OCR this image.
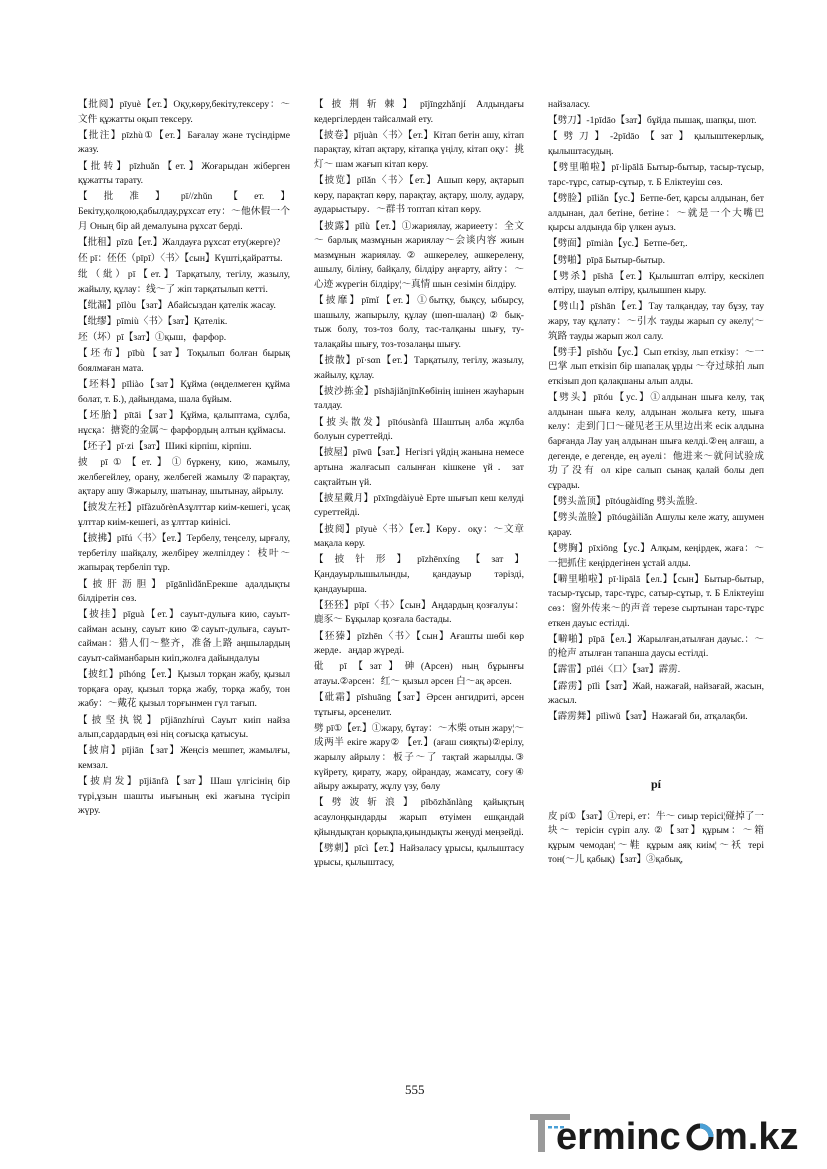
【批阅】pīyuè【ет.】Оқу,көру,бекіту,тексеру：～文件 құжатты оқып тексеру.
【批注】pīzhù①【ет.】Бағалау және түсіндірме жазу.
【批转】pīzhuǎn【ет.】Жоғарыдан жіберген құжатты тарату.
【批准】pī//zhǔn【ет.】Бекіту,қолқою,қабылдау,рұхсат ету：～他休假一个月 Оның бір ай демалуына рұхсат берді.
【批租】pīzū【ет.】Жалдауға рұхсат ету(жерге)?
伾 pī：伾伾（pīpī）〈书〉【сын】Күшті,қайратты.
纰（紕）pī【ет.】Тарқатылу, тегілу, жазылу, жайылу, құлау：线～了 жіп тарқатылып кетті.
【纰漏】pīlòu【зат】Абайсыздан қателік жасау.
【纰缪】pīmiù〈书〉【зат】Қателік.
坯（坏）pī【зат】①қыш，фарфор.
【坯布】pībù【зат】Тоқылып болған бырық боялмаған мата.
【坯料】pīliào【зат】Құйма (өңделмеген құйма болат, т. Б.), дайындама, шала бұйым.
【坯胎】pītāi【зат】Құйма, қалыптама, сұлба, нұсқа：搪瓷的金属～ фарфордың алтын құймасы.
【坯子】pī·zi【зат】Шикі кірпіш, кірпіш.
披 pī①【ет.】①бүркену, кию, жамылу, желбегейлеу, орану, желбегей жамылу ②парақтау, ақтару ашу ③жарылу, шатынау, шытынау, айрылу.
【披发左衽】pīfàzuǒrènАзұлттар киім-кешегі, ұсақ ұлттар киім-кешегі, аз ұлттар киінісі.
【披拂】pīfú〈书〉【ет.】Тербелу, теңселу, ырғалу, тербетілу шайқалу, желбіреу желпілдеу：枝叶～ жапырақ тербеліп тұр.
【披肝沥胆】pīgānlìdǎnЕрекше адалдықты білдіретін сөз.
【披挂】pīguà【ет.】сауыт-дулыға кию, сауыт-сайман асыну, сауыт кию ②сауыт-дулыға, сауыт-сайман：猎人们～整齐，准备上路 аңшылардың сауыт-сайманбарын киіп,жолға дайындалуы
【披红】pīhóng【ет.】Қызыл торқан жабу, қызыл торқаға орау, қызыл торқа жабу, торқа жабу, тон жабу：～戴花 қызыл торғынмен гүл тағып.
【披坚执锐】pījiānzhíruì Сауыт киіп найза алып,сардардың өзі нің соғысқа қатысуы.
【披肩】pījiān【зат】Жеңсіз мешпет, жамылғы, кемзал.
【披肩发】pījiānfà【зат】Шаш үлгісінің бір түрі,ұзын шашты иығының екі жағына түсіріп жүру.
【披荆斩棘】pījīngzhǎnjí Алдындағы кедергілерден тайсалмай ету.
【披卷】pījuàn〈书〉【ет.】Кітап бетін ашу, кітап парақтау, кітап ақтару, кітапқа үңілу, кітап оқу：挑灯～ шам жағып кітап көру.
【披览】pīlǎn〈书〉【ет.】Ашып көру, ақтарып көру, парақтап көру, парақтау, ақтару, шолу, аудару, аударыстыру．～群书 топтап кітап көру.
【披露】pīlù【ет.】①жариялау, жариеету：全文～ барлық мазмұнын жариялау～会谈内容 жиын мазмұнын жариялау. ② әшкерелеу, әшкерелену, ашылу, біліну, байқалу, білдіру аңғарту, айту：～心迹 жүрегін білдіру¦～真情 шын сезімін білдіру.
【披靡】pīmǐ【ет.】①бытқу, бықсу, ыбырсу, шашылу, жапырылу, құлау (шөп-шалаң) ② бық-тыж болу, тоз-тоз болу, тас-талқаны шығу, ту-талақайы шығу, тоз-тозалаңы шығу.
【披散】pī·sαn【ет.】Тарқатылу, тегілу, жазылу, жайылу, құлау.
【披沙拣金】pīshājiǎnjīnКөбінің ішінен жауһарын талдау.
【披头散发】pītóusànfà Шаштың алба жұлба болуын суреттейді.
【披屋】pīwū【зат.】Негізгі үйдің жанына немесе артына жалғасып салынған кішкене үй．зат сақтайтын үй.
【披星戴月】pīxīngdàiyuè Ерте шығып кеш келуді суреттейді.
【披阅】pīyuè〈书〉【ет.】Көру．оқу：～文章 мақала көру.
【披针形】pīzhēnxíng【зат】Қандауырлышылынды, қандауыр тәрізді, қандауырша.
【狉狉】pīpī〈书〉【сын】Аңдардың қозғалуы：鹿豕～ Бұқылар қозғала бастады.
【狉獉】pīzhēn〈书〉【сын】Ағашты шөбі көр жерде．аңдар жүреді.
砒 pī【зат】砷(Арсен) ның бұрынғы атауы.②әрсен：红～ қызыл әрсен 白～ақ әрсен.
【砒霜】pīshuāng【зат】Әрсен әнгидриті, әрсен тұтығы, әрсенелит.
劈 pī①【ет.】①жару, бұтау：～木柴 отын жару¦～成两半 екіге жару② 【ет.】(ағаш сияқты)②ерілу, жарылу айрылу：板子～了 тақтай жарылды.③ күйрету, қирату, жару, ойрандау, жамсату, соғу④ айыру ажырату, жұлу үзу, бөлу
【劈波斩浪】pībōzhǎnlàng қайықтың асаулоңқындарды жарып өтуімен ешқандай қйындықтан қорықпа,қиындықты жеңуді меңзейді.
【劈刺】pīcì【ет.】Найзаласу ұрысы, қылыштасу ұрысы, қылыштасу,
найзаласу.
【劈刀】-1pīdāo【зат】бұйда пышақ, шапқы, шот.
【劈刀】-2pīdāo【зат】қылыштекерлық, қылыштасудың.
【劈里啪啦】pī·lipālā Бытыр-бытыр, тасыр-тұсыр, тарс-тұрс, сатыр-сұтыр, т. Б Еліктеуіш сөз.
【劈脸】pīliǎn【ус.】Бетпе-бет, қарсы алдынан, бет алдынан, дал бетіне, бетіне：～就是一个大嘴巴 қырсы алдында бір үлкен ауыз.
【劈面】pīmiàn【ус.】Бетпе-бет,.
【劈啪】pīpā Бытыр-бытыр.
【劈杀】pīshā【ет.】Қылыштап өлтіру, кескілеп өлтіру, шауып өлтіру, қылышпен кыру.
【劈山】pīshān【ет.】Тау талқандау, тау бұзу, тау жару, тау құлату：～引水 тауды жарып су әкелу¦～筑路 тауды жарып жол салу.
【劈手】pīshǒu【ус.】Сып еткізу, лып еткізу：～一巴掌 лып еткізіп бір шапалақ ұрды ～夺过球拍 лып еткізып доп қалақшаны алып алды.
【劈头】pītóu【ус.】①алдынан шыға келу, тақ алдынан шыға келу, алдынан жолыға кету, шыға келу：走到门口～碰见老王从里边出来 есік алдына барғанда Лау уаң алдынан шыға келді.②ең алғаш, а дегенде, е дегенде, ең әуелі：他进来～就问试验成功了没有 ол кіре салып сынақ қалай болы деп сұрады.
【劈头盖顶】pītóugàidǐng 劈头盖脸.
【劈头盖脸】pītóugàiliǎn Ашулы келе жату, ашумен қарау.
【劈胸】pīxiōng【ус.】Алқым, кеңірдек, жаға：～一把抓住 кеңірдегінен ұстай алды.
【噼里啪啦】pī·lipālā【ел.】【сын】Бытыр-бытыр, тасыр-тұсыр, тарс-тұрс, сатыр-сұтыр, т. Б Еліктеуіш сөз：窗外传来～的声音 терезе сыртынан тарс-тұрс еткен дауыс естілді.
【噼啪】pīpā【ел.】Жарылған,атылған дауыс.：～的枪声 атылған тапанша даусы естілді.
【霹雷】pīléi〈口〉【зат】霹雳.
【霹雳】pīlì【зат】Жай, нажағай, найзағай, жасын, жасыл.
【霹雳舞】pīlìwǔ【зат】Нажағай би, атқалақби.
pí
皮 pí①【зат】①тері, ет：牛～ сиыр терісі¦碰掉了一块～ терісін сүріп алу. ②【зат】құрым：～箱 құрым чемодан¦～鞋 құрым аяқ киім¦～袄 тері тон(～儿 қабық)【зат】③қабық,
555
erminc m.kz
